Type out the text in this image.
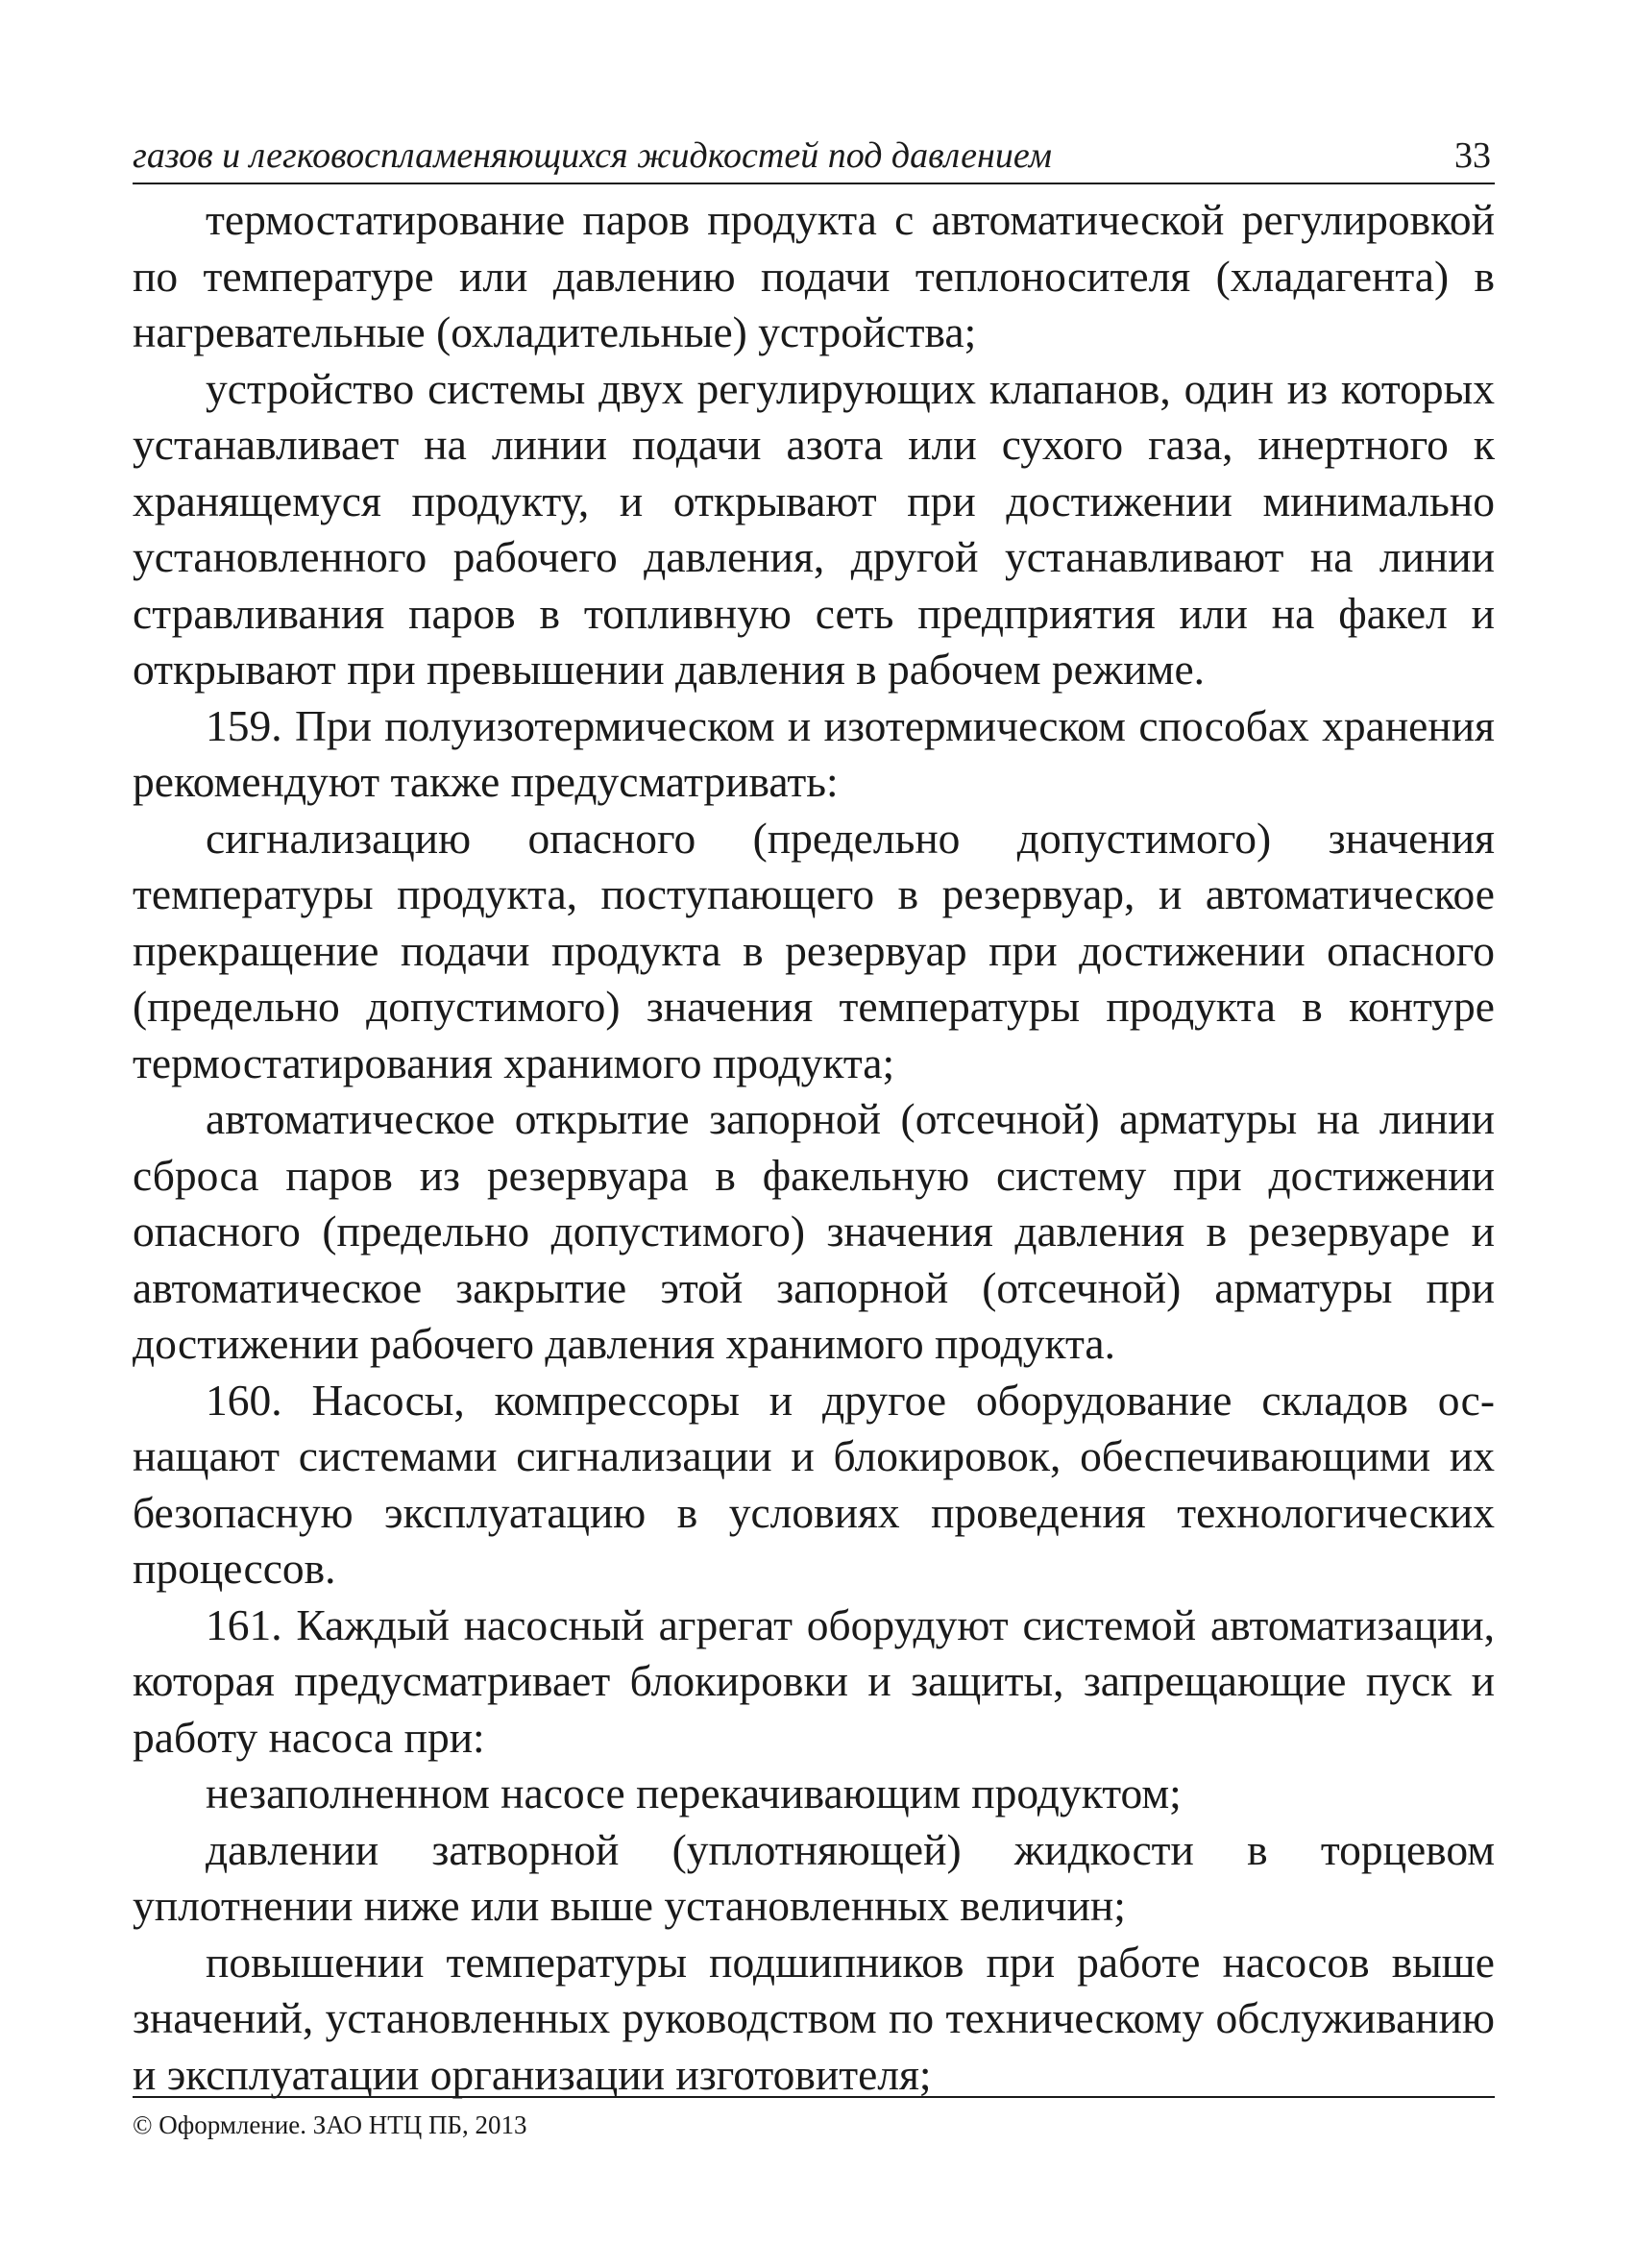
газов и легковоспламеняющихся жидкостей под давлением	33

термостатирование паров продукта с автоматической регулировкой по температуре или давлению подачи теплоносителя (хладагента) в нагревательные (охладительные) устройства;

устройство системы двух регулирующих клапанов, один из которых устанавливает на линии подачи азота или сухого газа, инертного к хранящемуся продукту, и открывают при достижении минимально установленного рабочего давления, другой устанавливают на линии стравливания паров в топливную сеть предприятия или на факел и открывают при превышении давления в рабочем режиме.

159. При полуизотермическом и изотермическом способах хранения рекомендуют также предусматривать:

сигнализацию опасного (предельно допустимого) значения температуры продукта, поступающего в резервуар, и автоматическое прекращение подачи продукта в резервуар при достижении опасного (предельно допустимого) значения температуры продукта в контуре термостатирования хранимого продукта;

автоматическое открытие запорной (отсечной) арматуры на линии сброса паров из резервуара в факельную систему при достижении опасного (предельно допустимого) значения давления в резервуаре и автоматическое закрытие этой запорной (отсечной) арматуры при достижении рабочего давления хранимого продукта.

160. Насосы, компрессоры и другое оборудование складов оснащают системами сигнализации и блокировок, обеспечивающими их безопасную эксплуатацию в условиях проведения технологических процессов.

161. Каждый насосный агрегат оборудуют системой автоматизации, которая предусматривает блокировки и защиты, запрещающие пуск и работу насоса при:

незаполненном насосе перекачивающим продуктом;

давлении затворной (уплотняющей) жидкости в торцевом уплотнении ниже или выше установленных величин;

повышении температуры подшипников при работе насосов выше значений, установленных руководством по техническому обслуживанию и эксплуатации организации изготовителя;

© Оформление. ЗАО НТЦ ПБ, 2013
